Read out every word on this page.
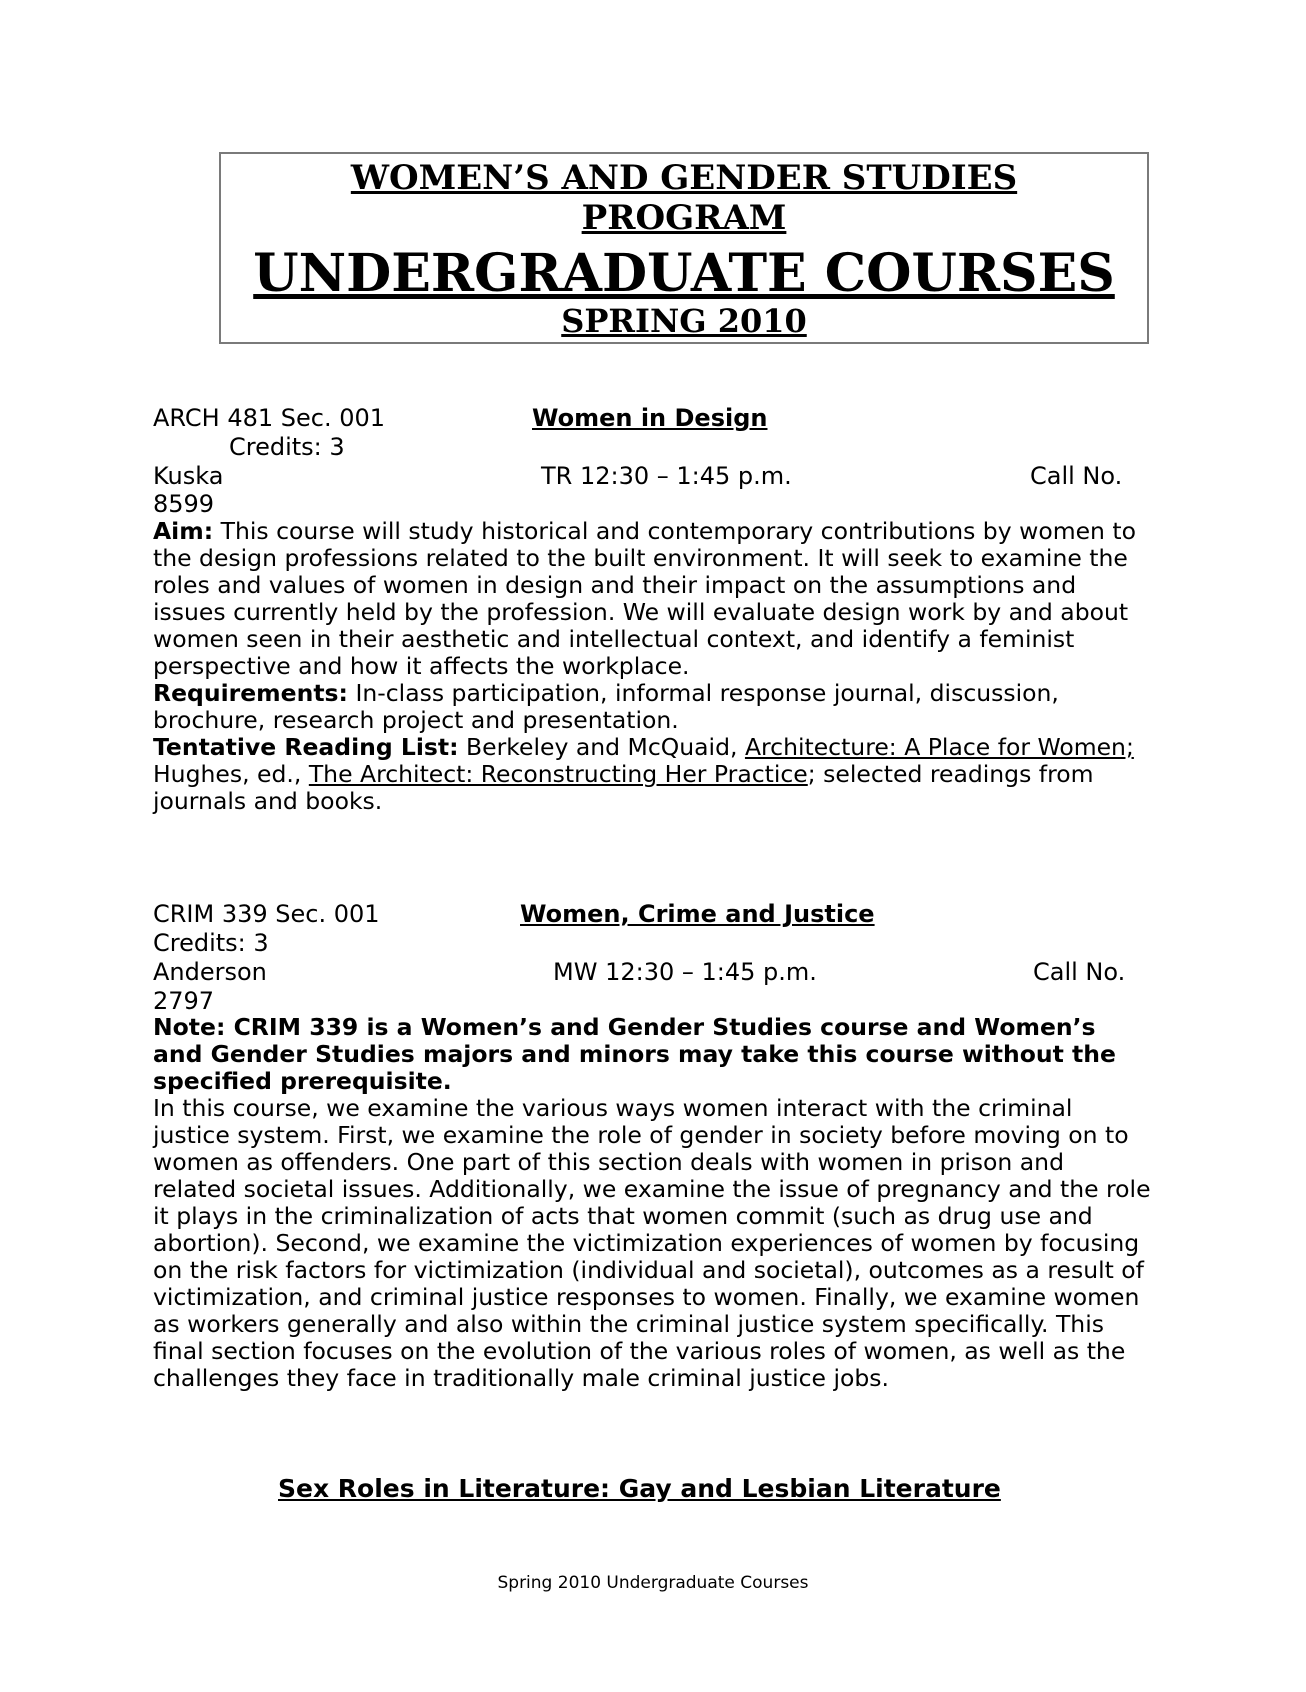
WOMEN’S AND GENDER STUDIES
PROGRAM
UNDERGRADUATE COURSES
SPRING 2010
ARCH 481 Sec. 001	Women in Design
Credits: 3
Kuska	TR 12:30 – 1:45 p.m.	Call No.
8599
Aim: This course will study historical and contemporary contributions by women to the design professions related to the built environment. It will seek to examine the roles and values of women in design and their impact on the assumptions and issues currently held by the profession. We will evaluate design work by and about women seen in their aesthetic and intellectual context, and identify a feminist perspective and how it affects the workplace.
Requirements: In-class participation, informal response journal, discussion, brochure, research project and presentation.
Tentative Reading List: Berkeley and McQuaid, Architecture: A Place for Women; Hughes, ed., The Architect: Reconstructing Her Practice; selected readings from journals and books.
CRIM 339 Sec. 001	Women, Crime and Justice
Credits: 3
Anderson	MW 12:30 – 1:45 p.m.	Call No.
2797
Note: CRIM 339 is a Women’s and Gender Studies course and Women’s and Gender Studies majors and minors may take this course without the specified prerequisite.
In this course, we examine the various ways women interact with the criminal justice system. First, we examine the role of gender in society before moving on to women as offenders. One part of this section deals with women in prison and related societal issues. Additionally, we examine the issue of pregnancy and the role it plays in the criminalization of acts that women commit (such as drug use and abortion). Second, we examine the victimization experiences of women by focusing on the risk factors for victimization (individual and societal), outcomes as a result of victimization, and criminal justice responses to women. Finally, we examine women as workers generally and also within the criminal justice system specifically. This final section focuses on the evolution of the various roles of women, as well as the challenges they face in traditionally male criminal justice jobs.
Sex Roles in Literature: Gay and Lesbian Literature
Spring 2010 Undergraduate Courses
